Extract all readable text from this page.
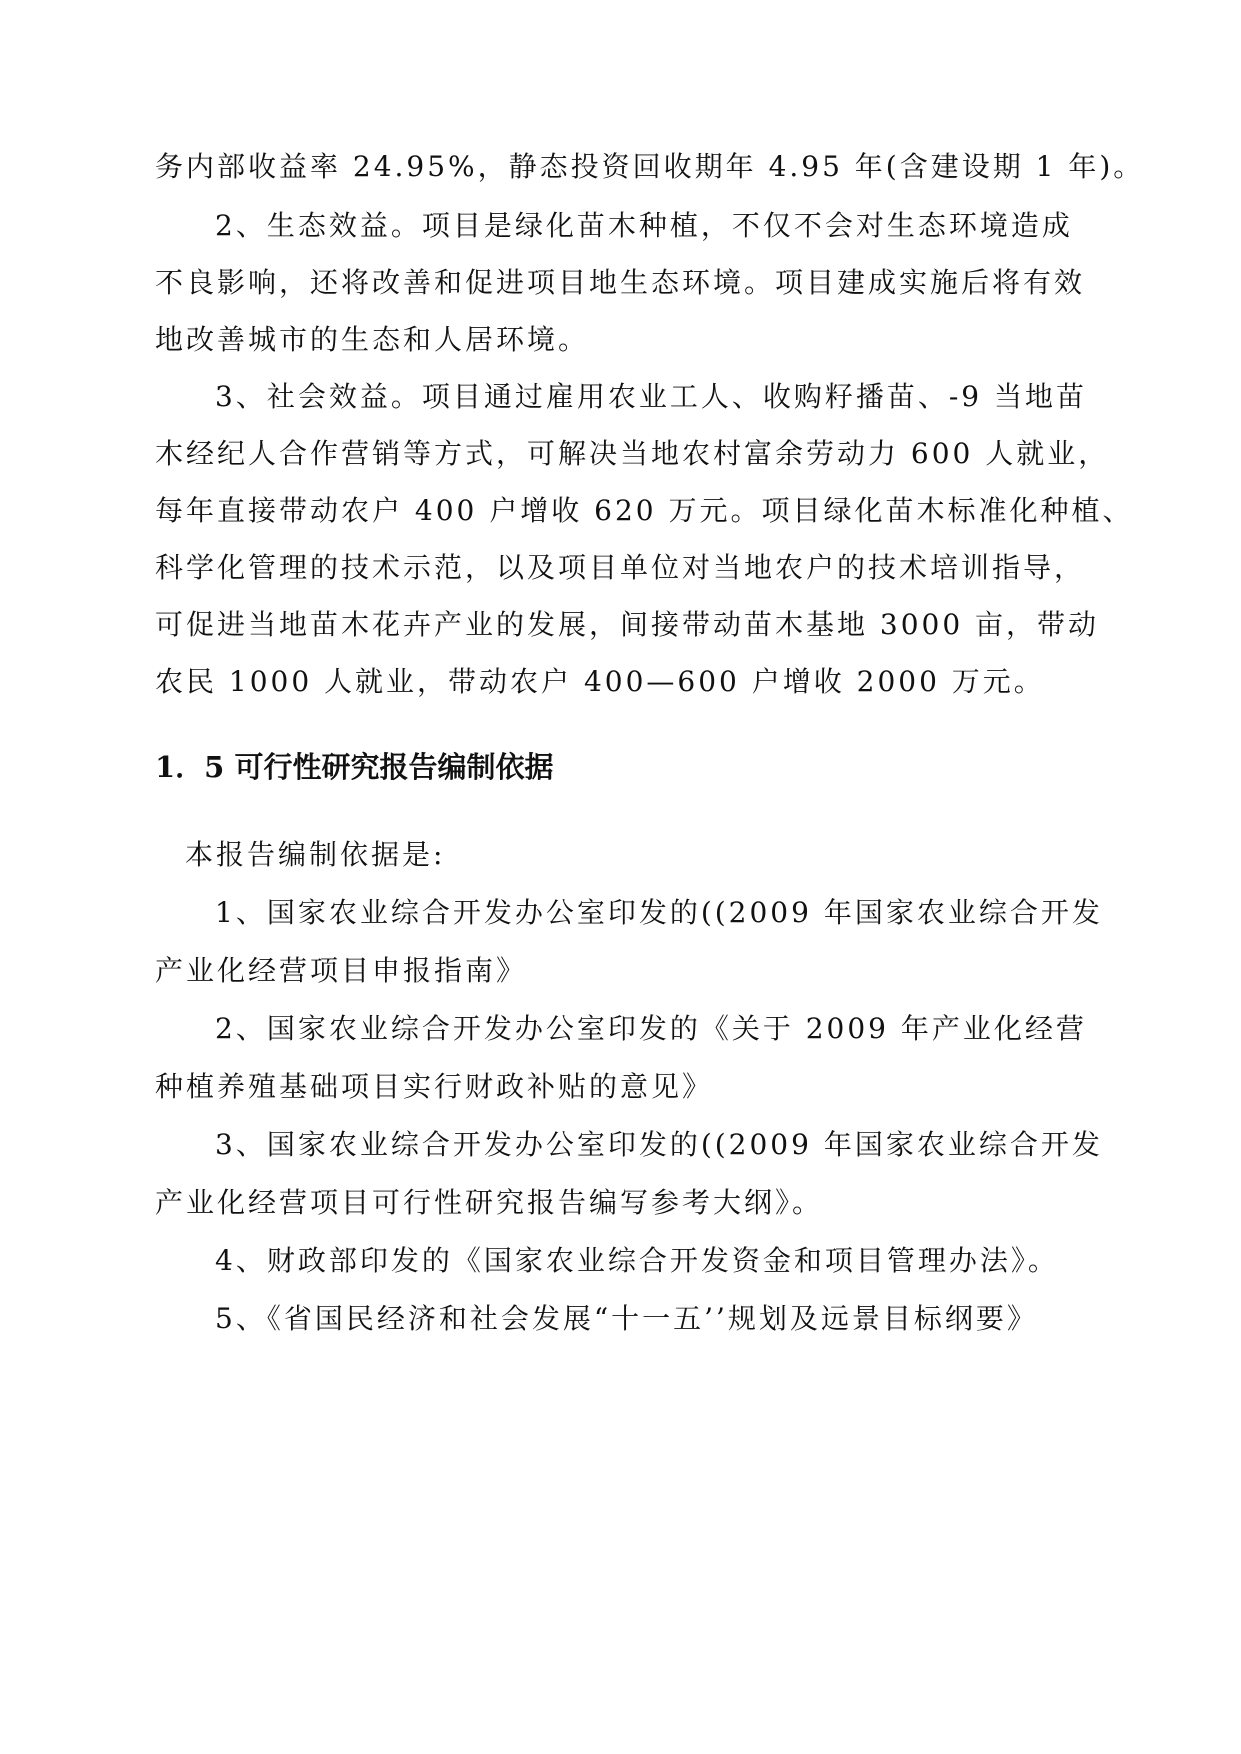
务内部收益率 24.95%，静态投资回收期年 4.95 年(含建设期 1 年)。
2、生态效益。项目是绿化苗木种植，不仅不会对生态环境造成
不良影响，还将改善和促进项目地生态环境。项目建成实施后将有效
地改善城市的生态和人居环境。
3、社会效益。项目通过雇用农业工人、收购籽播苗、-9 当地苗
木经纪人合作营销等方式，可解决当地农村富余劳动力 600 人就业，
每年直接带动农户 400 户增收 620 万元。项目绿化苗木标准化种植、
科学化管理的技术示范，以及项目单位对当地农户的技术培训指导，
可促进当地苗木花卉产业的发展，间接带动苗木基地 3000 亩，带动
农民 1000 人就业，带动农户 400—600 户增收 2000 万元。
1．5 可行性研究报告编制依据
本报告编制依据是:
1、国家农业综合开发办公室印发的((2009 年国家农业综合开发
产业化经营项目申报指南》
2、国家农业综合开发办公室印发的《关于 2009 年产业化经营
种植养殖基础项目实行财政补贴的意见》
3、国家农业综合开发办公室印发的((2009 年国家农业综合开发
产业化经营项目可行性研究报告编写参考大纲》。
4、财政部印发的《国家农业综合开发资金和项目管理办法》。
5、《省国民经济和社会发展“十一五’’规划及远景目标纲要》
